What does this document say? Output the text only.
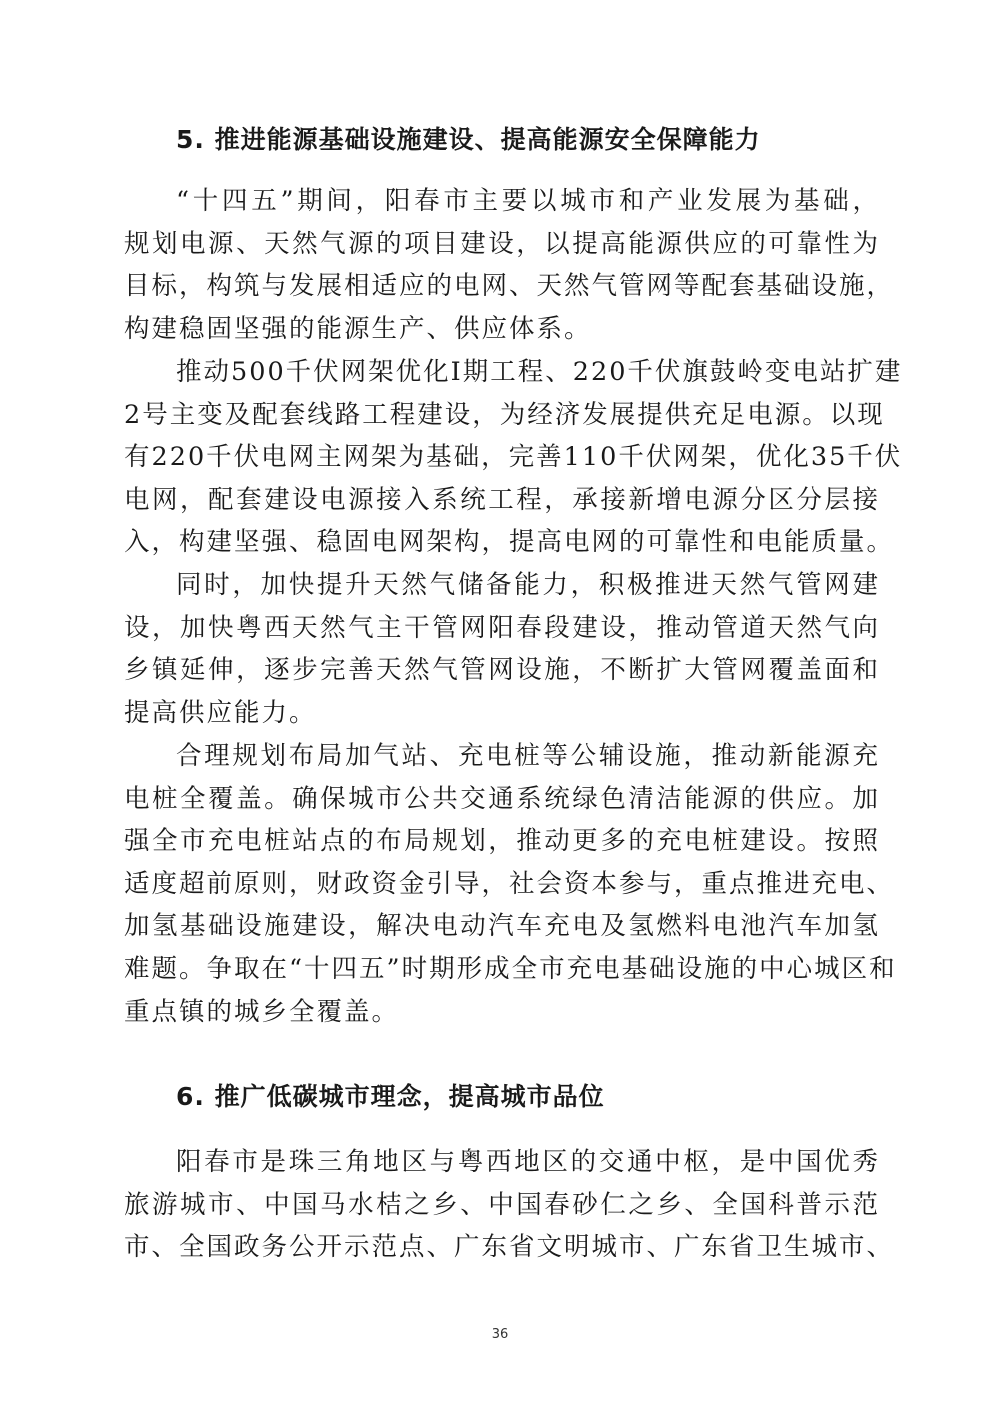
5. 推进能源基础设施建设、提高能源安全保障能力
“十四五”期间，阳春市主要以城市和产业发展为基础，
规划电源、天然气源的项目建设，以提高能源供应的可靠性为
目标，构筑与发展相适应的电网、天然气管网等配套基础设施，
构建稳固坚强的能源生产、供应体系。
推动500千伏网架优化I期工程、220千伏旗鼓岭变电站扩建
2号主变及配套线路工程建设，为经济发展提供充足电源。以现
有220千伏电网主网架为基础，完善110千伏网架，优化35千伏
电网，配套建设电源接入系统工程，承接新增电源分区分层接
入，构建坚强、稳固电网架构，提高电网的可靠性和电能质量。
同时，加快提升天然气储备能力，积极推进天然气管网建
设，加快粤西天然气主干管网阳春段建设，推动管道天然气向
乡镇延伸，逐步完善天然气管网设施，不断扩大管网覆盖面和
提高供应能力。
合理规划布局加气站、充电桩等公辅设施，推动新能源充
电桩全覆盖。确保城市公共交通系统绿色清洁能源的供应。加
强全市充电桩站点的布局规划，推动更多的充电桩建设。按照
适度超前原则，财政资金引导，社会资本参与，重点推进充电、
加氢基础设施建设，解决电动汽车充电及氢燃料电池汽车加氢
难题。争取在“十四五”时期形成全市充电基础设施的中心城区和
重点镇的城乡全覆盖。
6. 推广低碳城市理念，提高城市品位
阳春市是珠三角地区与粤西地区的交通中枢，是中国优秀
旅游城市、中国马水桔之乡、中国春砂仁之乡、全国科普示范
市、全国政务公开示范点、广东省文明城市、广东省卫生城市、
36
